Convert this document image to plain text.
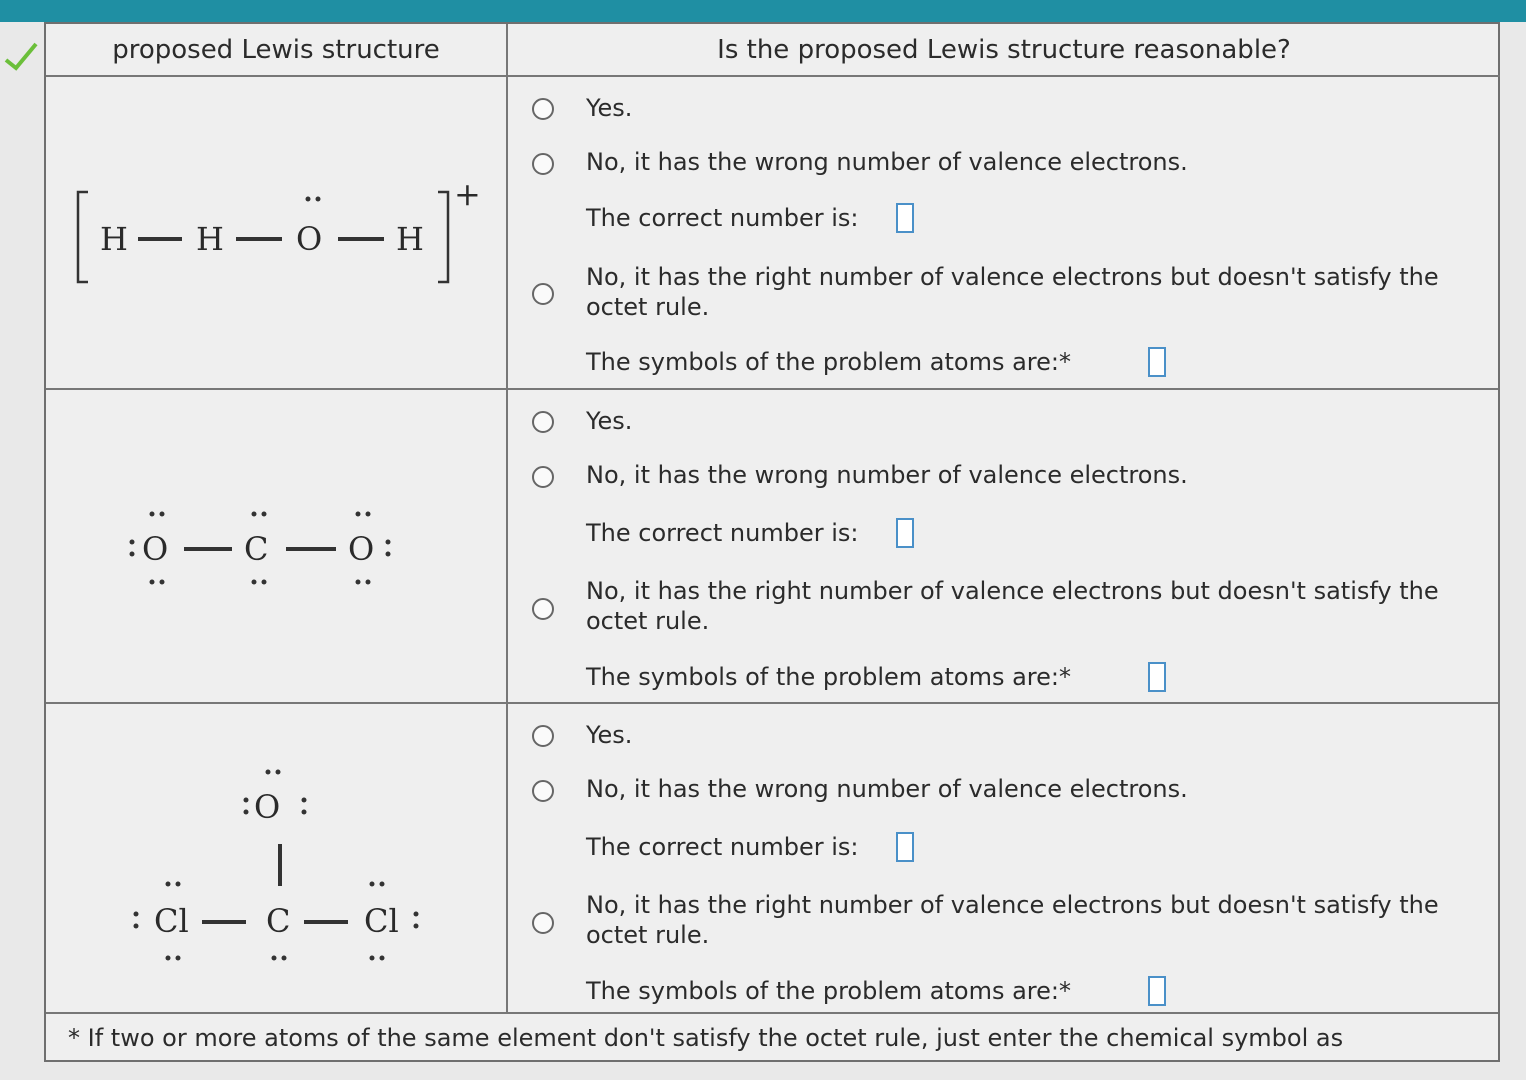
proposed Lewis structure	Is the proposed Lewis structure reasonable?
+
H H O H
Yes.
No, it has the wrong number of valence electrons.
The correct number is:
No, it has the right number of valence electrons but doesn't satisfy the octet rule.
The symbols of the problem atoms are:*
O C O
Yes.
No, it has the wrong number of valence electrons.
The correct number is:
No, it has the right number of valence electrons but doesn't satisfy the octet rule.
The symbols of the problem atoms are:*
O
Cl C Cl
Yes.
No, it has the wrong number of valence electrons.
The correct number is:
No, it has the right number of valence electrons but doesn't satisfy the octet rule.
The symbols of the problem atoms are:*
* If two or more atoms of the same element don't satisfy the octet rule, just enter the chemical symbol as
